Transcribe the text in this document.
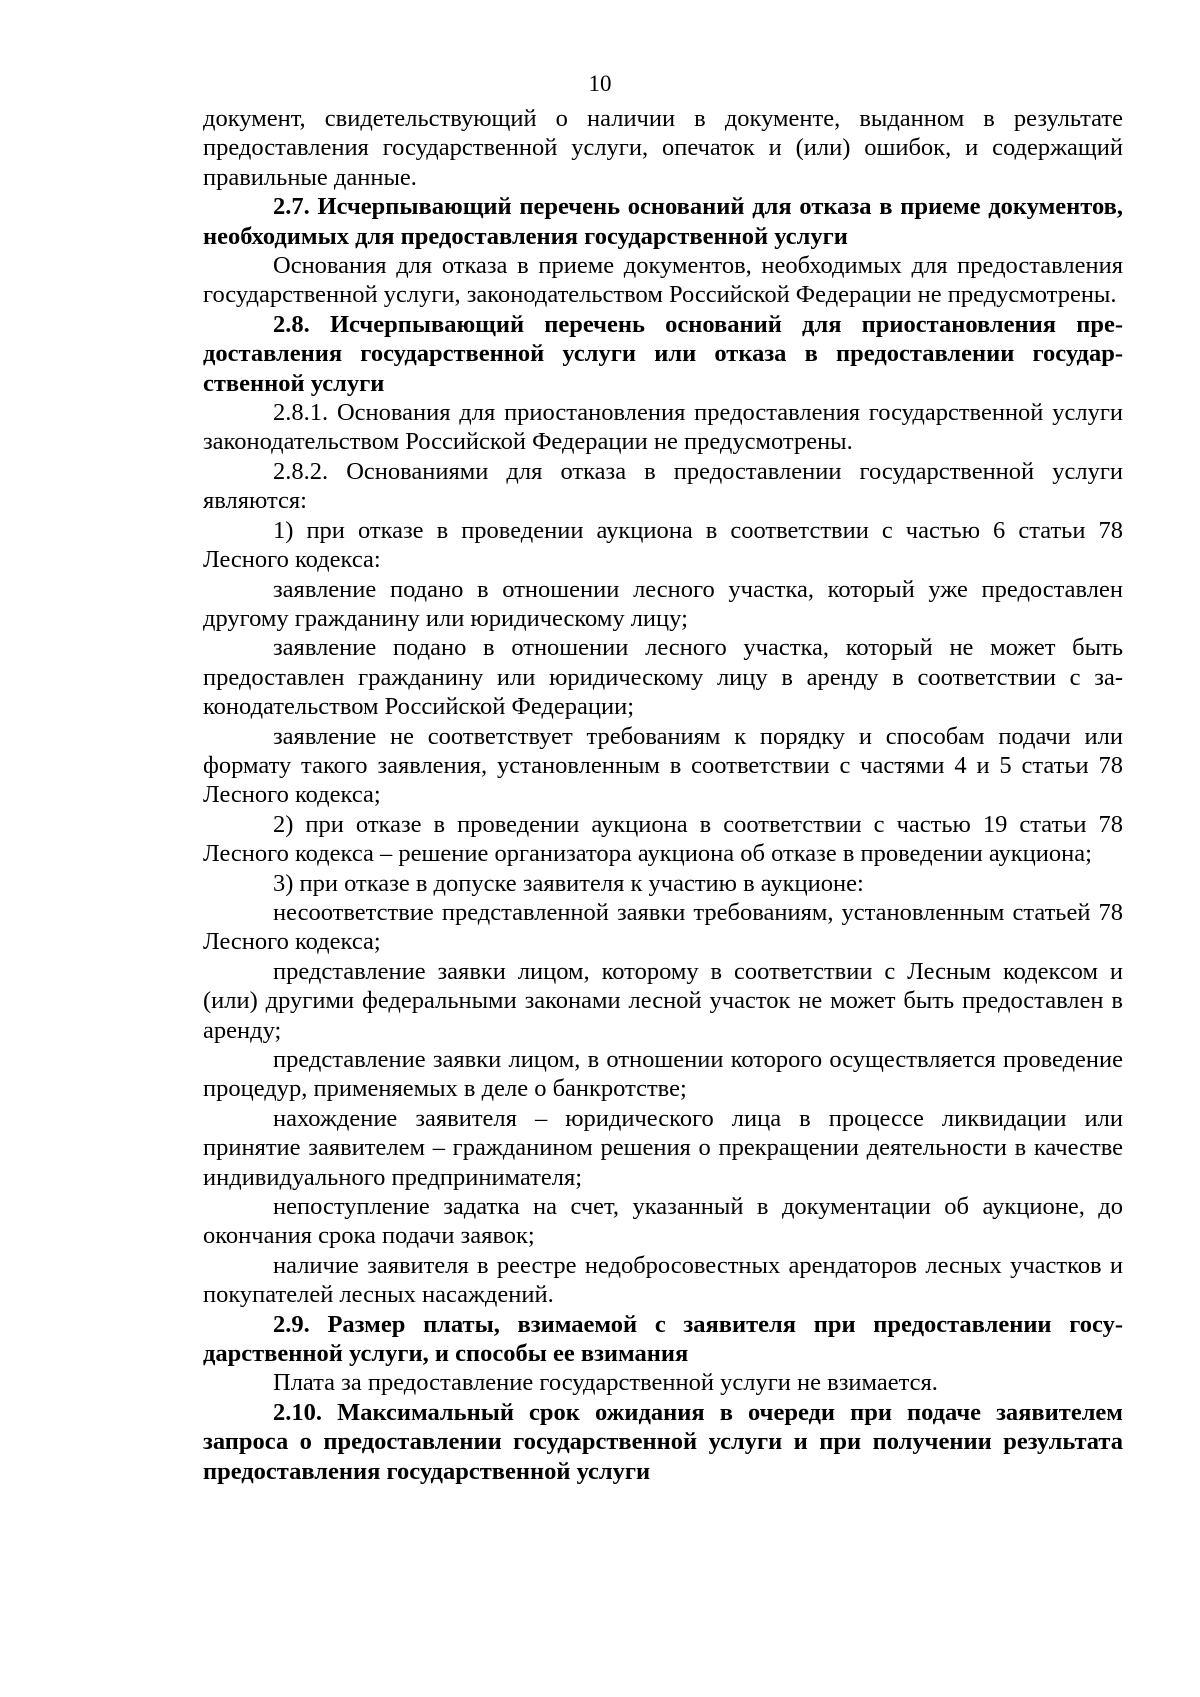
10

документ, свидетельствующий о наличии в документе, выданном в результате предоставления государственной услуги, опечаток и (или) ошибок, и содержащий правильные данные.

2.7. Исчерпывающий перечень оснований для отказа в приеме документов, необходимых для предоставления государственной услуги

Основания для отказа в приеме документов, необходимых для предоставления государственной услуги, законодательством Российской Федерации не предусмотрены.

2.8. Исчерпывающий перечень оснований для приостановления предоставления государственной услуги или отказа в предоставлении государственной услуги

2.8.1. Основания для приостановления предоставления государственной услуги законодательством Российской Федерации не предусмотрены.

2.8.2. Основаниями для отказа в предоставлении государственной услуги являются:

1) при отказе в проведении аукциона в соответствии с частью 6 статьи 78 Лесного кодекса:

заявление подано в отношении лесного участка, который уже предоставлен другому гражданину или юридическому лицу;

заявление подано в отношении лесного участка, который не может быть предоставлен гражданину или юридическому лицу в аренду в соответствии с законодательством Российской Федерации;

заявление не соответствует требованиям к порядку и способам подачи или формату такого заявления, установленным в соответствии с частями 4 и 5 статьи 78 Лесного кодекса;

2) при отказе в проведении аукциона в соответствии с частью 19 статьи 78 Лесного кодекса – решение организатора аукциона об отказе в проведении аукциона;

3) при отказе в допуске заявителя к участию в аукционе:

несоответствие представленной заявки требованиям, установленным статьей 78 Лесного кодекса;

представление заявки лицом, которому в соответствии с Лесным кодексом и (или) другими федеральными законами лесной участок не может быть предоставлен в аренду;

представление заявки лицом, в отношении которого осуществляется проведение процедур, применяемых в деле о банкротстве;

нахождение заявителя – юридического лица в процессе ликвидации или принятие заявителем – гражданином решения о прекращении деятельности в качестве индивидуального предпринимателя;

непоступление задатка на счет, указанный в документации об аукционе, до окончания срока подачи заявок;

наличие заявителя в реестре недобросовестных арендаторов лесных участков и покупателей лесных насаждений.

2.9. Размер платы, взимаемой с заявителя при предоставлении государственной услуги, и способы ее взимания

Плата за предоставление государственной услуги не взимается.

2.10. Максимальный срок ожидания в очереди при подаче заявителем запроса о предоставлении государственной услуги и при получении результата предоставления государственной услуги
